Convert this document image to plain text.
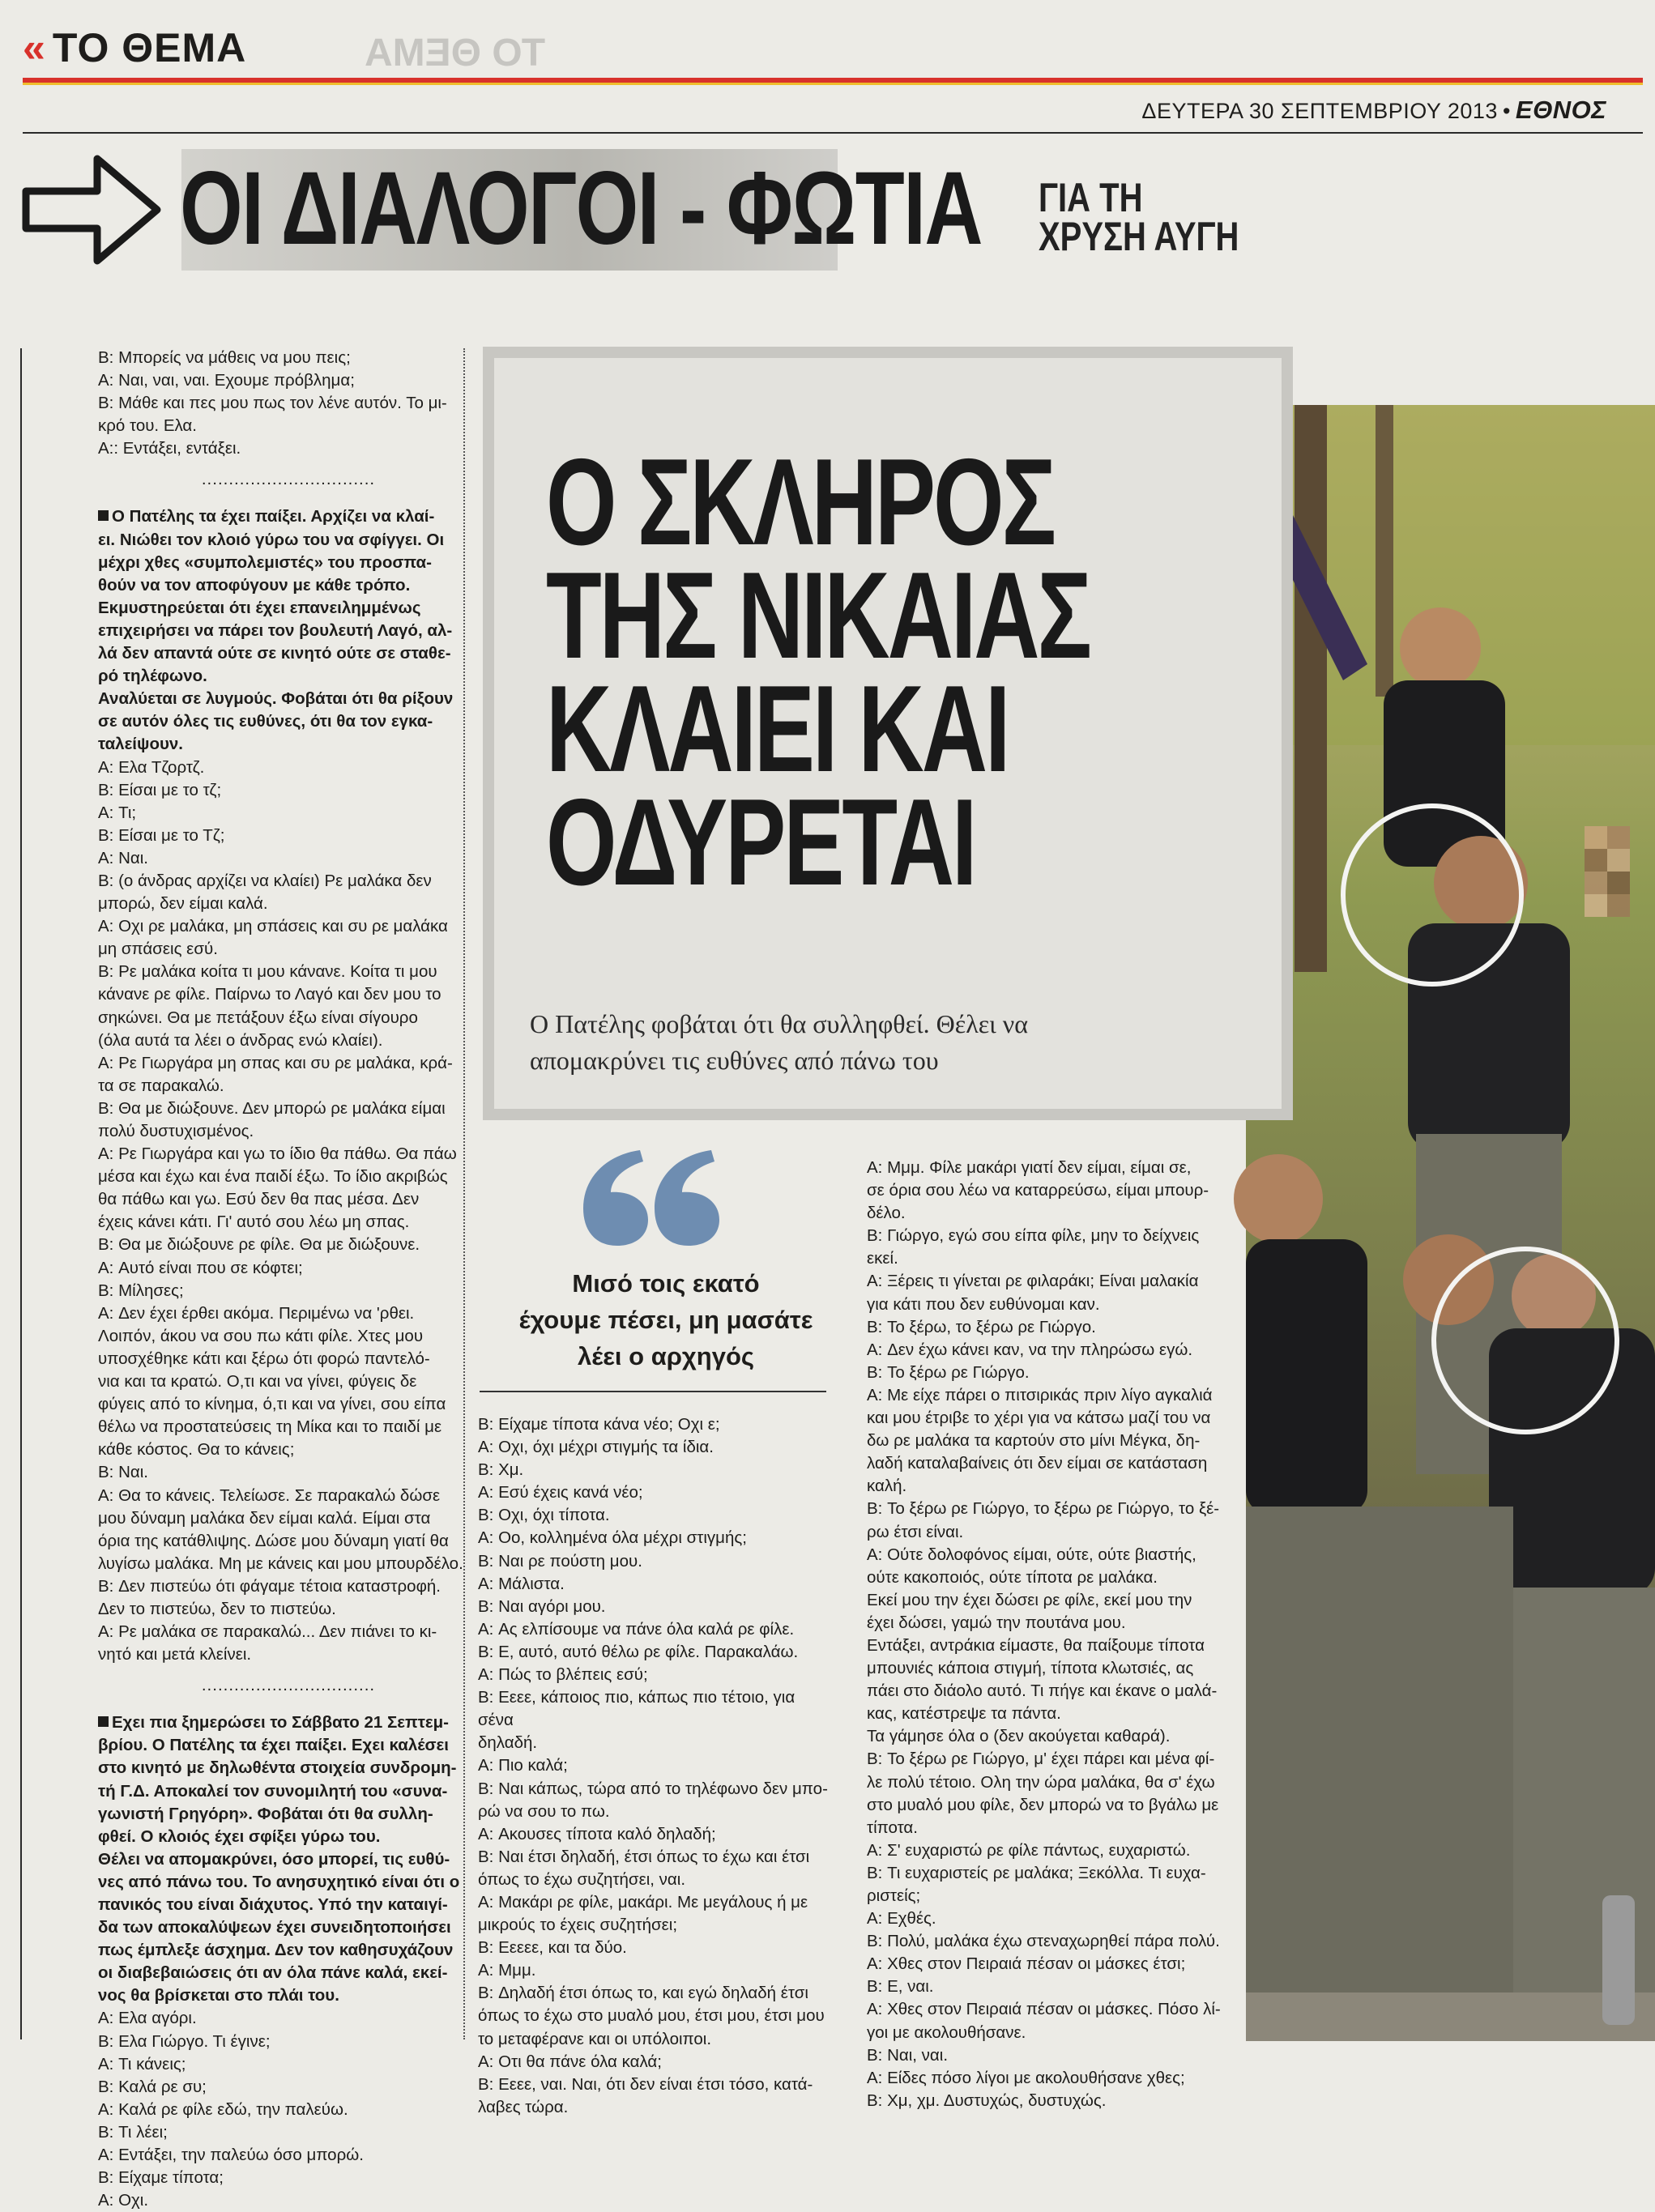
« ΤΟ ΘΕΜΑ	ΤΟ ΘΕΜΑ
ΔΕΥΤΕΡΑ 30 ΣΕΠΤΕΜΒΡΙΟΥ 2013 • ΕΘΝΟΣ
ΟΙ ΔΙΑΛΟΓΟΙ - ΦΩΤΙΑ ΓΙΑ ΤΗ
ΧΡΥΣΗ ΑΥΓΗ

B: Μπορείς να μάθεις να μου πεις;

A: Ναι, ναι, ναι. Εχουμε πρόβλημα;

B: Μάθε και πες μου πως τον λένε αυτόν. Το μι-

κρό του. Ελα.

A:: Εντάξει, εντάξει.

................................

Ο Πατέλης τα έχει παίξει. Αρχίζει να κλαί-

ει. Νιώθει τον κλοιό γύρω του να σφίγγει. Οι

μέχρι χθες «συμπολεμιστές» του προσπα-

θούν να τον αποφύγουν με κάθε τρόπο.

Εκμυστηρεύεται ότι έχει επανειλημμένως

επιχειρήσει να πάρει τον βουλευτή Λαγό, αλ-

λά δεν απαντά ούτε σε κινητό ούτε σε σταθε-

ρό τηλέφωνο.

Αναλύεται σε λυγμούς. Φοβάται ότι θα ρίξουν

σε αυτόν όλες τις ευθύνες, ότι θα τον εγκα-

ταλείψουν.

A: Ελα Τζορτζ.

B: Είσαι με το τζ;

A: Τι;

B: Είσαι με το Τζ;

A: Ναι.

B: (ο άνδρας αρχίζει να κλαίει) Ρε μαλάκα δεν

μπορώ, δεν είμαι καλά.

A: Οχι ρε μαλάκα, μη σπάσεις και συ ρε μαλάκα

μη σπάσεις εσύ.

B: Ρε μαλάκα κοίτα τι μου κάνανε. Κοίτα τι μου

κάνανε ρε φίλε. Παίρνω το Λαγό και δεν μου το

σηκώνει. Θα με πετάξουν έξω είναι σίγουρο

(όλα αυτά τα λέει ο άνδρας ενώ κλαίει).

A: Ρε Γιωργάρα μη σπας και συ ρε μαλάκα, κρά-

τα σε παρακαλώ.

B: Θα με διώξουνε. Δεν μπορώ ρε μαλάκα είμαι

πολύ δυστυχισμένος.

A: Ρε Γιωργάρα και γω το ίδιο θα πάθω. Θα πάω

μέσα και έχω και ένα παιδί έξω. Το ίδιο ακριβώς

θα πάθω και γω. Εσύ δεν θα πας μέσα. Δεν

έχεις κάνει κάτι. Γι' αυτό σου λέω μη σπας.

B: Θα με διώξουνε ρε φίλε. Θα με διώξουνε.

A: Αυτό είναι που σε κόφτει;

B: Μίλησες;

A: Δεν έχει έρθει ακόμα. Περιμένω να 'ρθει.

Λοιπόν, άκου να σου πω κάτι φίλε. Χτες μου

υποσχέθηκε κάτι και ξέρω ότι φορώ παντελό-

νια και τα κρατώ. Ο,τι και να γίνει, φύγεις δε

φύγεις από το κίνημα, ό,τι και να γίνει, σου είπα

θέλω να προστατεύσεις τη Μίκα και το παιδί με

κάθε κόστος. Θα το κάνεις;

B: Ναι.

A: Θα το κάνεις. Τελείωσε. Σε παρακαλώ δώσε

μου δύναμη μαλάκα δεν είμαι καλά. Είμαι στα

όρια της κατάθλιψης. Δώσε μου δύναμη γιατί θα

λυγίσω μαλάκα. Μη με κάνεις και μου μπουρδέλο.

B: Δεν πιστεύω ότι φάγαμε τέτοια καταστροφή.

Δεν το πιστεύω, δεν το πιστεύω.

A: Ρε μαλάκα σε παρακαλώ... Δεν πιάνει το κι-

νητό και μετά κλείνει.

................................

Εχει πια ξημερώσει το Σάββατο 21 Σεπτεμ-

βρίου. Ο Πατέλης τα έχει παίξει. Εχει καλέσει

στο κινητό με δηλωθέντα στοιχεία συνδρομη-

τή Γ.Δ. Αποκαλεί τον συνομιλητή του «συνα-

γωνιστή Γρηγόρη». Φοβάται ότι θα συλλη-

φθεί. Ο κλοιός έχει σφίξει γύρω του.

Θέλει να απομακρύνει, όσο μπορεί, τις ευθύ-

νες από πάνω του. Το ανησυχητικό είναι ότι ο

πανικός του είναι διάχυτος. Υπό την καταιγί-

δα των αποκαλύψεων έχει συνειδητοποιήσει

πως έμπλεξε άσχημα. Δεν τον καθησυχάζουν

οι διαβεβαιώσεις ότι αν όλα πάνε καλά, εκεί-

νος θα βρίσκεται στο πλάι του.

A: Ελα αγόρι.

B: Ελα Γιώργο. Τι έγινε;

A: Τι κάνεις;

B: Καλά ρε συ;

A: Καλά ρε φίλε εδώ, την παλεύω.

B: Τι λέει;

A: Εντάξει, την παλεύω όσο μπορώ.

B: Είχαμε τίποτα;

A: Οχι.

Ο ΣΚΛΗΡΟΣ
ΤΗΣ ΝΙΚΑΙΑΣ
ΚΛΑΙΕΙ ΚΑΙ
ΟΔΥΡΕΤΑΙ
Ο Πατέλης φοβάται ότι θα συλληφθεί. Θέλει να
απομακρύνει τις ευθύνες από πάνω του
Μισό τοις εκατό
έχουμε πέσει, μη μασάτε
λέει ο αρχηγός

B: Είχαμε τίποτα κάνα νέο; Οχι ε;

A: Οχι, όχι μέχρι στιγμής τα ίδια.

B: Χμ.

A: Εσύ έχεις κανά νέο;

B: Οχι, όχι τίποτα.

A: Οο, κολλημένα όλα μέχρι στιγμής;

B: Ναι ρε πούστη μου.

A: Μάλιστα.

B: Ναι αγόρι μου.

A: Ας ελπίσουμε να πάνε όλα καλά ρε φίλε.

B: Ε, αυτό, αυτό θέλω ρε φίλε. Παρακαλάω.

A: Πώς το βλέπεις εσύ;

B: Εεεε, κάποιος πιο, κάπως πιο τέτοιο, για σένα

δηλαδή.

A: Πιο καλά;

B: Ναι κάπως, τώρα από το τηλέφωνο δεν μπο-

ρώ να σου το πω.

A: Ακουσες τίποτα καλό δηλαδή;

B: Ναι έτσι δηλαδή, έτσι όπως το έχω και έτσι

όπως το έχω συζητήσει, ναι.

A: Μακάρι ρε φίλε, μακάρι. Με μεγάλους ή με

μικρούς το έχεις συζητήσει;

B: Εεεεε, και τα δύο.

A: Μμμ.

B: Δηλαδή έτσι όπως το, και εγώ δηλαδή έτσι

όπως το έχω στο μυαλό μου, έτσι μου, έτσι μου

το μεταφέρανε και οι υπόλοιποι.

A: Οτι θα πάνε όλα καλά;

B: Εεεε, ναι. Ναι, ότι δεν είναι έτσι τόσο, κατά-

λαβες τώρα.

A: Μμμ. Φίλε μακάρι γιατί δεν είμαι, είμαι σε,

σε όρια σου λέω να καταρρεύσω, είμαι μπουρ-

δέλο.

B: Γιώργο, εγώ σου είπα φίλε, μην το δείχνεις

εκεί.

A: Ξέρεις τι γίνεται ρε φιλαράκι; Είναι μαλακία

για κάτι που δεν ευθύνομαι καν.

B: Το ξέρω, το ξέρω ρε Γιώργο.

A: Δεν έχω κάνει καν, να την πληρώσω εγώ.

B: Το ξέρω ρε Γιώργο.

A: Με είχε πάρει ο πιτσιρικάς πριν λίγο αγκαλιά

και μου έτριβε το χέρι για να κάτσω μαζί του να

δω ρε μαλάκα τα καρτούν στο μίνι Μέγκα, δη-

λαδή καταλαβαίνεις ότι δεν είμαι σε κατάσταση

καλή.

B: Το ξέρω ρε Γιώργο, το ξέρω ρε Γιώργο, το ξέ-

ρω έτσι είναι.

A: Ούτε δολοφόνος είμαι, ούτε, ούτε βιαστής,

ούτε κακοποιός, ούτε τίποτα ρε μαλάκα.

Εκεί μου την έχει δώσει ρε φίλε, εκεί μου την

έχει δώσει, γαμώ την πουτάνα μου.

Εντάξει, αντράκια είμαστε, θα παίξουμε τίποτα

μπουνιές κάποια στιγμή, τίποτα κλωτσιές, ας

πάει στο διάολο αυτό. Τι πήγε και έκανε ο μαλά-

κας, κατέστρεψε τα πάντα.

Τα γάμησε όλα ο (δεν ακούγεται καθαρά).

B: Το ξέρω ρε Γιώργο, μ' έχει πάρει και μένα φί-

λε πολύ τέτοιο. Ολη την ώρα μαλάκα, θα σ' έχω

στο μυαλό μου φίλε, δεν μπορώ να το βγάλω με

τίποτα.

A: Σ' ευχαριστώ ρε φίλε πάντως, ευχαριστώ.

B: Τι ευχαριστείς ρε μαλάκα; Ξεκόλλα. Τι ευχα-

ριστείς;

A: Εχθές.

B: Πολύ, μαλάκα έχω στεναχωρηθεί πάρα πολύ.

A: Χθες στον Πειραιά πέσαν οι μάσκες έτσι;

B: Ε, ναι.

A: Χθες στον Πειραιά πέσαν οι μάσκες. Πόσο λί-

γοι με ακολουθήσανε.

B: Ναι, ναι.

A: Είδες πόσο λίγοι με ακολουθήσανε χθες;

B: Χμ, χμ. Δυστυχώς, δυστυχώς.
